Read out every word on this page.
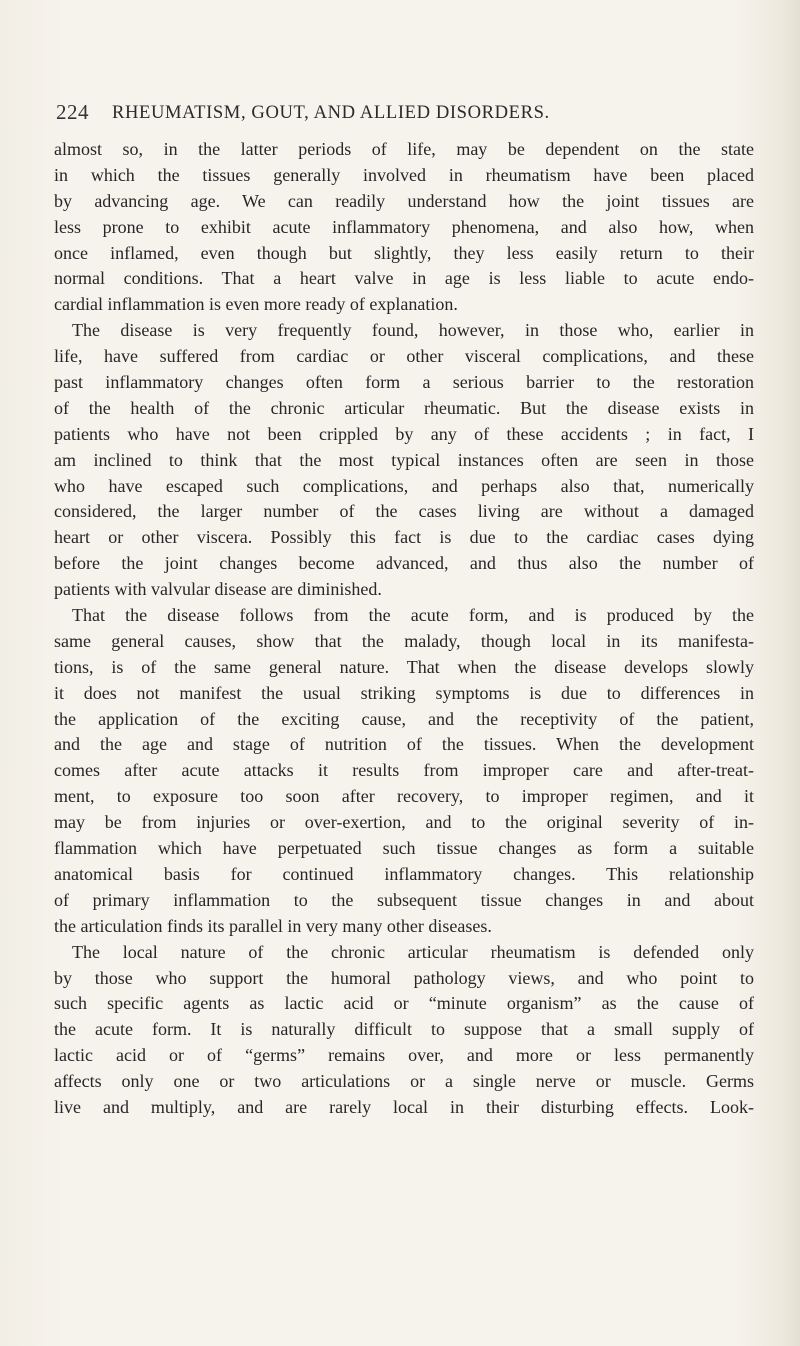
224 RHEUMATISM, GOUT, AND ALLIED DISORDERS.
almost so, in the latter periods of life, may be dependent on the state
in which the tissues generally involved in rheumatism have been placed
by advancing age. We can readily understand how the joint tissues are
less prone to exhibit acute inflammatory phenomena, and also how, when
once inflamed, even though but slightly, they less easily return to their
normal conditions. That a heart valve in age is less liable to acute endo-
cardial inflammation is even more ready of explanation.
The disease is very frequently found, however, in those who, earlier in
life, have suffered from cardiac or other visceral complications, and these
past inflammatory changes often form a serious barrier to the restoration
of the health of the chronic articular rheumatic. But the disease exists in
patients who have not been crippled by any of these accidents ; in fact, I
am inclined to think that the most typical instances often are seen in those
who have escaped such complications, and perhaps also that, numerically
considered, the larger number of the cases living are without a damaged
heart or other viscera. Possibly this fact is due to the cardiac cases dying
before the joint changes become advanced, and thus also the number of
patients with valvular disease are diminished.
That the disease follows from the acute form, and is produced by the
same general causes, show that the malady, though local in its manifesta-
tions, is of the same general nature. That when the disease develops slowly
it does not manifest the usual striking symptoms is due to differences in
the application of the exciting cause, and the receptivity of the patient,
and the age and stage of nutrition of the tissues. When the development
comes after acute attacks it results from improper care and after-treat-
ment, to exposure too soon after recovery, to improper regimen, and it
may be from injuries or over-exertion, and to the original severity of in-
flammation which have perpetuated such tissue changes as form a suitable
anatomical basis for continued inflammatory changes. This relationship
of primary inflammation to the subsequent tissue changes in and about
the articulation finds its parallel in very many other diseases.
The local nature of the chronic articular rheumatism is defended only
by those who support the humoral pathology views, and who point to
such specific agents as lactic acid or “minute organism” as the cause of
the acute form. It is naturally difficult to suppose that a small supply of
lactic acid or of “germs” remains over, and more or less permanently
affects only one or two articulations or a single nerve or muscle. Germs
live and multiply, and are rarely local in their disturbing effects. Look-
